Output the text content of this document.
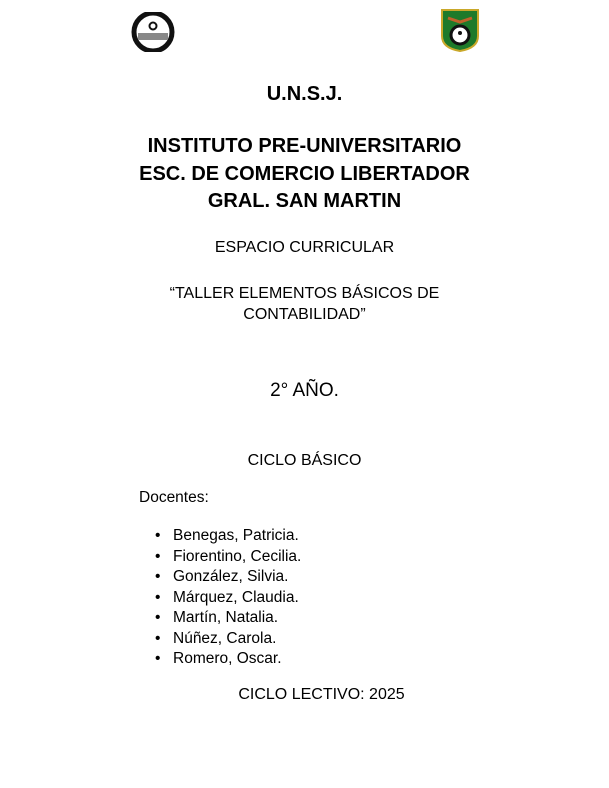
U.N.S.J.
INSTITUTO PRE-UNIVERSITARIO
ESC. DE COMERCIO LIBERTADOR
GRAL. SAN MARTIN
ESPACIO CURRICULAR
“TALLER ELEMENTOS BÁSICOS DE
CONTABILIDAD”
2° AÑO.
CICLO BÁSICO
Docentes:
• Benegas, Patricia.
• Fiorentino, Cecilia.
• González, Silvia.
• Márquez, Claudia.
• Martín, Natalia.
• Núñez, Carola.
• Romero, Oscar.
CICLO LECTIVO: 2025
